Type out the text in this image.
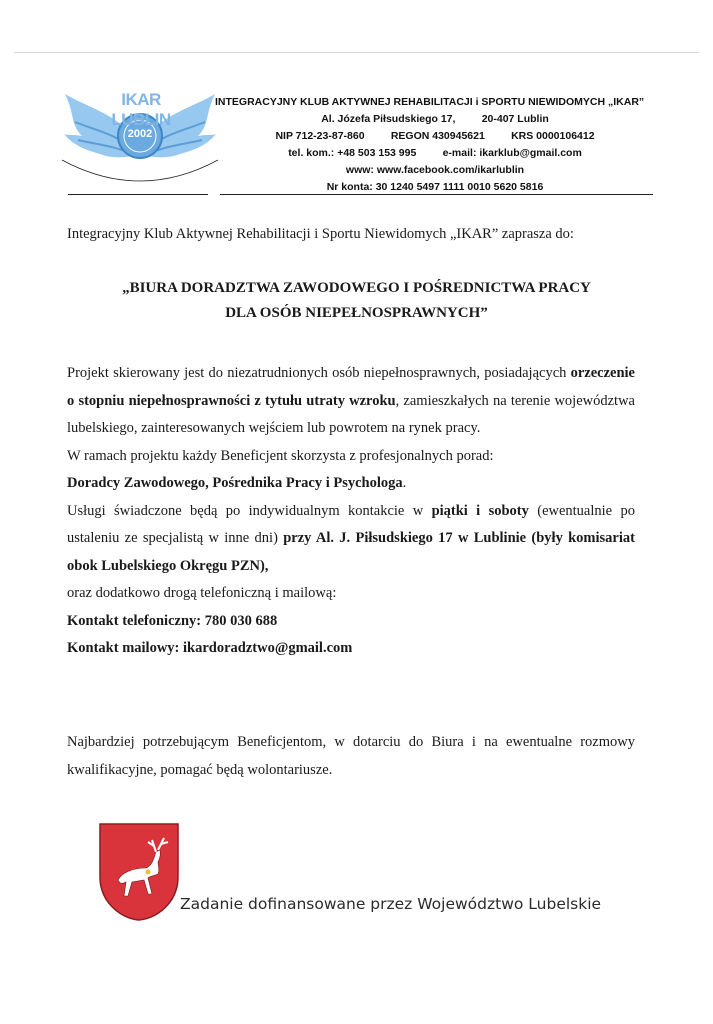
IKAR LUBLIN
2002
INTEGRACYJNY KLUB AKTYWNEJ REHABILITACJI i SPORTU NIEWIDOMYCH „IKAR”
Al. Józefa Piłsudskiego 17,	20-407 Lublin
NIP 712-23-87-860	REGON 430945621	KRS 0000106412
tel. kom.: +48 503 153 995	e-mail: ikarklub@gmail.com
www: www.facebook.com/ikarlublin
Nr konta: 30 1240 5497 1111 0010 5620 5816
Integracyjny Klub Aktywnej Rehabilitacji i Sportu Niewidomych „IKAR” zaprasza do:
„BIURA DORADZTWA ZAWODOWEGO I POŚREDNICTWA PRACY
DLA OSÓB NIEPEŁNOSPRAWNYCH”

Projekt skierowany jest do niezatrudnionych osób niepełnosprawnych, posiadających orzeczenie o stopniu niepełnosprawności z tytułu utraty wzroku, zamieszkałych na terenie województwa lubelskiego, zainteresowanych wejściem lub powrotem na rynek pracy.

W ramach projektu każdy Beneficjent skorzysta z profesjonalnych porad:

Doradcy Zawodowego, Pośrednika Pracy i Psychologa.

Usługi świadczone będą po indywidualnym kontakcie w piątki i soboty (ewentualnie po ustaleniu ze specjalistą w inne dni) przy Al. J. Piłsudskiego 17 w Lublinie (były komisariat obok Lubelskiego Okręgu PZN),

oraz dodatkowo drogą telefoniczną i mailową:

Kontakt telefoniczny: 780 030 688

Kontakt mailowy: ikardoradztwo@gmail.com

Najbardziej potrzebującym Beneficjentom, w dotarciu do Biura i na ewentualne rozmowy kwalifikacyjne, pomagać będą wolontariusze.
Zadanie dofinansowane przez Województwo Lubelskie
